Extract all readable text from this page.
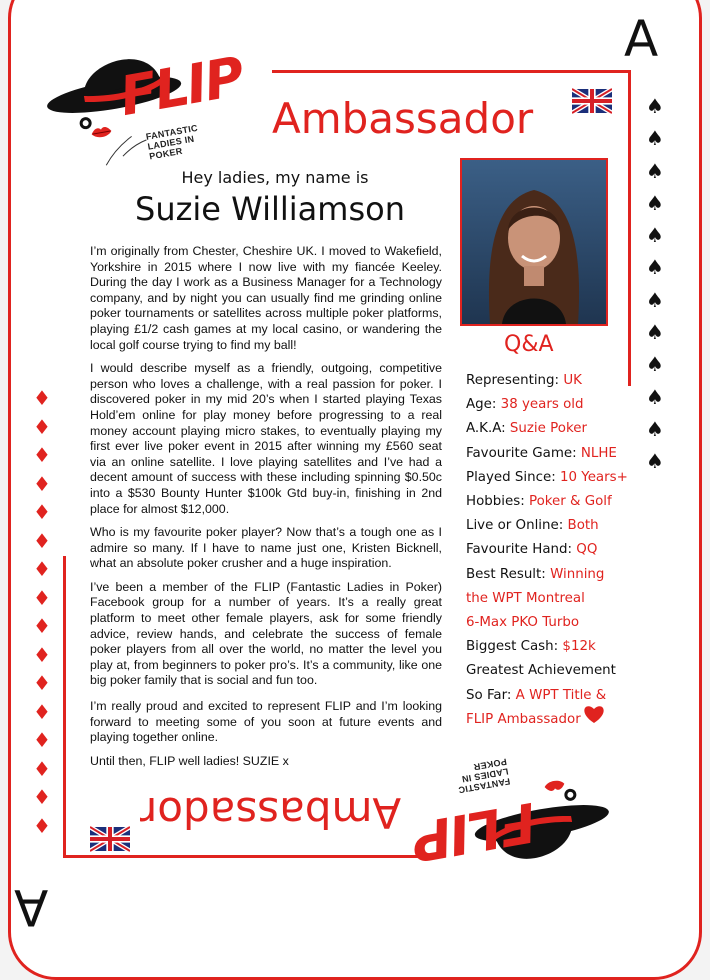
A
A
♠
♠
♠
♠
♠
♠
♠
♠
♠
♠
♠
♠
♦
♦
♦
♦
♦
♦
♦
♦
♦
♦
♦
♦
♦
♦
♦
♦
FLIP
FANTASTIC LADIES IN POKER
Ambassador
FLIP
FANTASTIC LADIES IN POKER
Ambassador
Hey ladies, my name is
Suzie Williamson

I’m originally from Chester, Cheshire UK. I moved to Wakefield, Yorkshire in 2015 where I now live with my fiancée Keeley. During the day I work as a Business Manager for a Technology company, and by night you can usually find me grinding online poker tournaments or satellites across multiple poker platforms, playing £1/2 cash games at my local casino, or wandering the local golf course trying to find my ball!

I would describe myself as a friendly, outgoing, competitive person who loves a challenge, with a real passion for poker. I discovered poker in my mid 20’s when I started playing Texas Hold’em online for play money before progressing to a real money account playing micro stakes, to eventually playing my first ever live poker event in 2015 after winning my £560 seat via an online satellite. I love playing satellites and I’ve had a decent amount of success with these including spinning $0.50c into a $530 Bounty Hunter $100k Gtd buy-in, finishing in 2nd place for almost $12,000.

Who is my favourite poker player? Now that’s a tough one as I admire so many. If I have to name just one, Kristen Bicknell, what an absolute poker crusher and a huge inspiration.

I’ve been a member of the FLIP (Fantastic Ladies in Poker) Facebook group for a number of years. It’s a really great platform to meet other female players, ask for some friendly advice, review hands, and celebrate the success of female poker players from all over the world, no matter the level you play at, from beginners to poker pro’s. It’s a community, like one big poker family that is social and fun too.

I’m really proud and excited to represent FLIP and I’m looking forward to meeting some of you soon at future events and playing together online.

Until then, FLIP well ladies! SUZIE x

Q&A
Representing: UK
Age: 38 years old
A.K.A: Suzie Poker
Favourite Game: NLHE
Played Since: 10 Years+
Hobbies: Poker & Golf
Live or Online: Both
Favourite Hand: QQ
Best Result: Winning
the WPT Montreal
6-Max PKO Turbo
Biggest Cash: $12k
Greatest Achievement
So Far: A WPT Title &
FLIP Ambassador
